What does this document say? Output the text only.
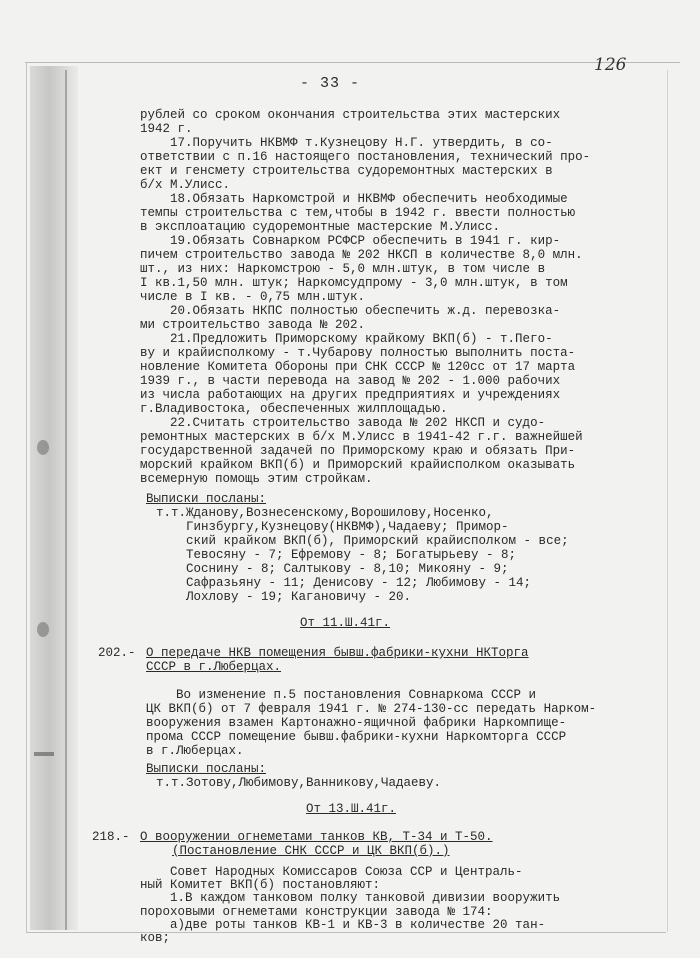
126
- 33 -
рублей со сроком окончания строительства этих мастерских
1942 г.
17.Поручить НКВМФ т.Кузнецову Н.Г. утвердить, в со-
ответствии с п.16 настоящего постановления, технический про-
ект и генсмету строительства судоремонтных мастерских в
б/х М.Улисс.
18.Обязать Наркомстрой и НКВМФ обеспечить необходимые
темпы строительства с тем,чтобы в 1942 г. ввести полностью
в эксплоатацию судоремонтные мастерские М.Улисс.
19.Обязать Совнарком РСФСР обеспечить в 1941 г. кир-
пичем строительство завода № 202 НКСП в количестве 8,0 млн.
шт., из них: Наркомстрою - 5,0 млн.штук, в том числе в
I кв.1,50 млн. штук; Наркомсудпрому - 3,0 млн.штук, в том
числе в I кв. - 0,75 млн.штук.
20.Обязать НКПС полностью обеспечить ж.д. перевозка-
ми строительство завода № 202.
21.Предложить Приморскому крайкому ВКП(б) - т.Пего-
ву и крайисполкому - т.Чубарову полностью выполнить поста-
новление Комитета Обороны при СНК СССР № 120сс от 17 марта
1939 г., в части перевода на завод № 202 - 1.000 рабочих
из числа работающих на других предприятиях и учреждениях
г.Владивостока, обеспеченных жилплощадью.
22.Считать строительство завода № 202 НКСП и судо-
ремонтных мастерских в б/х М.Улисс в 1941-42 г.г. важнейшей
государственной задачей по Приморскому краю и обязать При-
морский крайком ВКП(б) и Приморский крайисполком оказывать
всемерную помощь этим стройкам.
Выписки посланы:
т.т.Жданову,Вознесенскому,Ворошилову,Носенко,
Гинзбургу,Кузнецову(НКВМФ),Чадаеву; Примор-
ский крайком ВКП(б), Приморский крайисполком - все;
Тевосяну - 7; Ефремову - 8; Богатырьеву - 8;
Соснину - 8; Салтыкову - 8,10; Микояну - 9;
Сафразьяну - 11; Денисову - 12; Любимову - 14;
Лохлову - 19; Кагановичу - 20.
От 11.Ш.41г.
202.- О передаче НКВ помещения бывш.фабрики-кухни НКТорга
СССР в г.Люберцах.
Во изменение п.5 постановления Совнаркома СССР и
ЦК ВКП(б) от 7 февраля 1941 г. № 274-130-сс передать Нарком-
вооружения взамен Картонажно-ящичной фабрики Наркомпище-
прома СССР помещение бывш.фабрики-кухни Наркомторга СССР
в г.Люберцах.
Выписки посланы:
т.т.Зотову,Любимову,Ванникову,Чадаеву.
От 13.Ш.41г.
218.- О вооружении огнеметами танков КВ, Т-34 и Т-50.
(Постановление СНК СССР и ЦК ВКП(б).)
Совет Народных Комиссаров Союза ССР и Централь-
ный Комитет ВКП(б) постановляют:
1.В каждом танковом полку танковой дивизии вооружить
пороховыми огнеметами конструкции завода № 174:
а)две роты танков КВ-1 и КВ-3 в количестве 20 тан-
ков;
